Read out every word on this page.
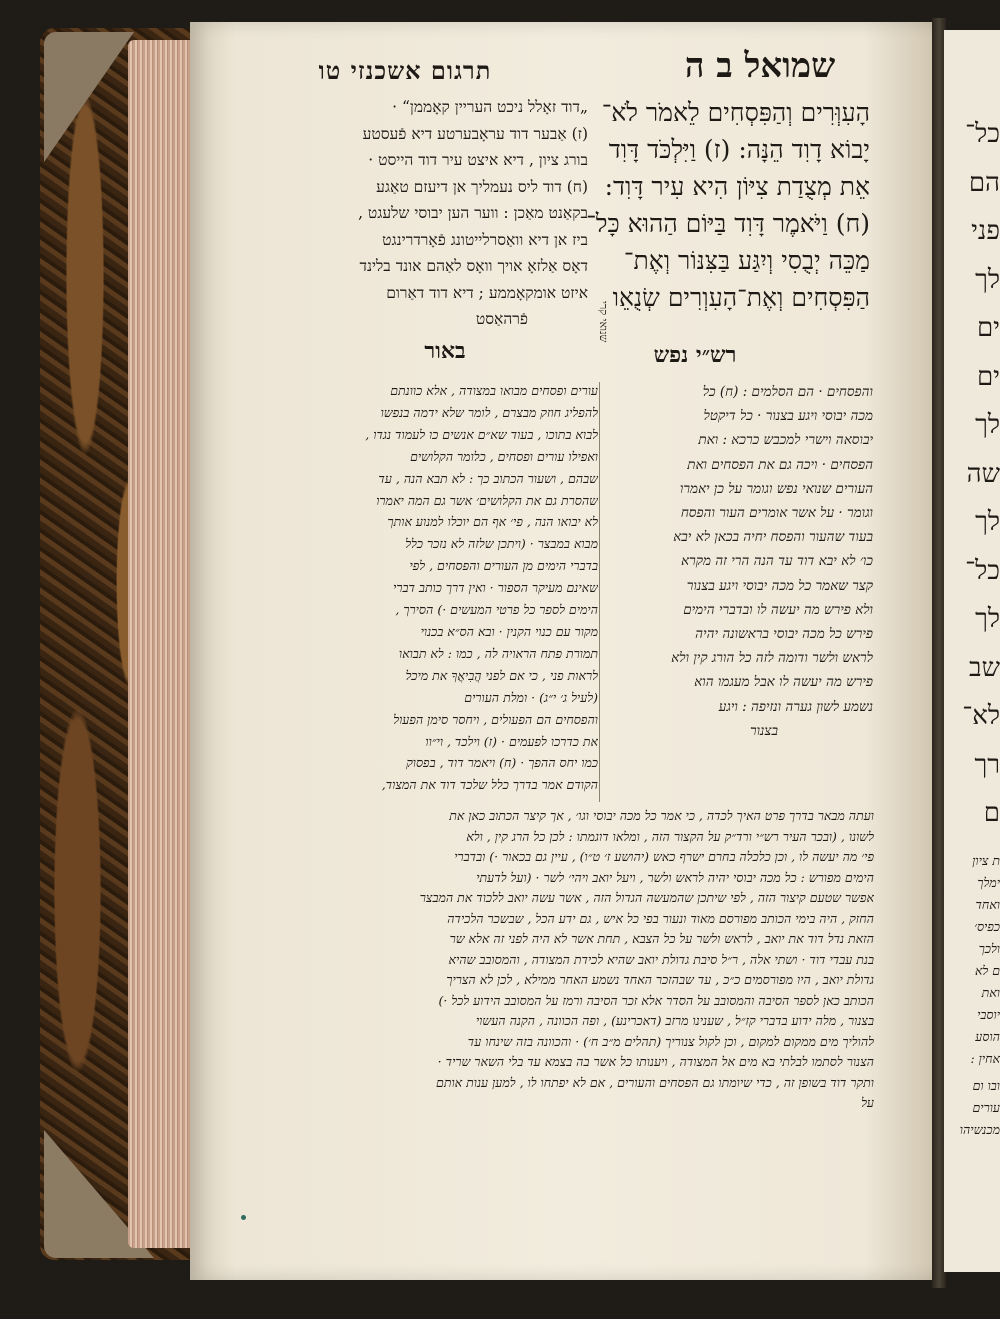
תרגום אשכנזי טו	שמואל ב ה

הָעִוְּרִים וְהַפִּסְחִים לֵאמֹר לֹא־

יָבוֹא דָוִד הֵנָּה: (ז) וַיִּלְכֹּד דָּוִד

אֵת מְצֻדַת צִיּוֹן הִיא עִיר דָּוִד:

(ח) וַיֹּאמֶר דָּוִד בַּיּוֹם הַהוּא כָּל־

מַכֵּה יְבֻסִי וְיִגַּע בַּצִּנּוֹר וְאֶת־

הַפִּסְחִים וְאֶת־הָעִוְרִים שְׂנֻאֵו

שנואי קרי

„דוד זאָלל ניכט העריין קאָממן“ ·

(ז) אַבער דוד עראָבערטע דיא פֿעסטע

בורג ציון , דיא איצט עיר דוד הייסט ·

(ח) דוד ליס נעמליך אן דיעזם טאַגע

בקאַנט מאַכן : ווער הען יבוסי שלעגט ,

ביז אן דיא וואַסרלייטונג פֿאָרדרינגט

דאָס אַלזאָ אויך וואָס לאַהם אונד בלינד

איזט אומקאָממע ; דיא דוד דאַרום

פֿרהאַסט

רש״י נפש
באור

עורים ופסחים מבואו במצודה , אלא כוונתם

להפליג חוזק מבצרם , לומר שלא ידמה בנפשו

לבוא בתוכו , בעוד שא״ם אנשים כו לעמוד נגדו ,

ואפילו עורים ופסחים , כלומר הקלושים

שבהם , ושעור הכתוב כך : לא תבא הנה , עד

שהסרת גם את הקלושים׳ אשר גם המה יאמרו

לא יבואו הנה , פי׳ אף הם יוכלו למנוע אותך

מבוא במבצר · (ויתכן שלזה לא נזכר כלל

בדברי הימים מן העורים והפסחים , לפי

שאינם מעיקר הספור · ואין דרך כותב דברי

הימים לספר כל פרטי המעשים ·) הסירך ,

מקור עם כנוי הקנין · ובא הס״א בכנוי

תמורת פתח הראויה לה , כמו : לא תבואו

לראות פני , כי אם לפני הֲבִיאֲךָ את מיכל

(לעיל ג׳ י״ג) · ומלת העורים

והפסחים הם הפעולים , ויחסר סימן הפעול

את כדרכו לפעמים · (ז) וילכד , וי״וו

כמו יחס ההפך · (ח) ויאמר דוד , בפסוק

הקודם אמר בדרך כלל שלכד דוד את המצוד,

והפסחים · הם הסלמים : (ח) כל

מכה יבוסי ויגע בצנור · כל דיקטל

יבוסאה וישרי למכבש כרכא : ואת

הפסחים · ויכה גם את הפסחים ואת

העורים שנואי נפש וגומר על כן יאמרו

וגומר · על אשר אומרים העור והפסח

בעוד שהעור והפסח יחיה בכאן לא יבא

כו׳ לא יבא דוד עד הנה הרי זה מקרא

קצר שאמר כל מכה יבוסי ויגע בצנור

ולא פירש מה יעשה לו ובדברי הימים

פירש כל מכה יבוסי בראשונה יהיה

לראש ולשר ודומה לזה כל הורג קין ולא

פירש מה יעשה לו אבל מעגמו הוא

נשמע לשון גערה ונזיפה : ויגע

בצנור

ועתה מבאר בדרך פרט האיך לכדה , כי אמר כל מכה יבוסי וגו׳ , אך קיצר הכתוב כאן את

לשונו , (ובכר העיר רש״י ורד״ק על הקצור הזה , ומלאו דוגמתו : לכן כל הרג קין , ולא

פי׳ מה יעשה לו , וכן כלכלה בחרם ישרף כאש (יהושע ז׳ ט״ו) , עיין גם בכאור ·) ובדברי

הימים מפורש : כל מכה יבוסי יהיה לראש ולשר , ויעל יואב ויהי׳ לשר · (ועל לדעתי

אפשר שטעם קיצור הזה , לפי שיתכן שהמעשה הגדול הזה , אשר עשה יואב ללכוד את המבצר

החזק , היה בימי הכותב מפורסם מאוד ונעור בפי כל איש , גם ידע הכל , שבשכר הלכידה

הזאת נדל דוד את יואב , לראש ולשר על כל הצבא , תחת אשר לא היה לפני זה אלא שר

בנת עבדי דוד · ושתי אלה , ר״ל סיבת גדולת יואב שהיא לכידת המצודה , והמסובב שהיא

גדולת יואב , היו מפורסמים כ״כ , עד שבהזכר האחד נשמע האחר ממילא , לכן לא הצריך

הכותב כאן לספר הסיבה והמסובב על הסדר אלא זכר הסיבה ורמז על המסובב הידוע לכל ·)

בצנור , מלה ידוע בדברי קז״ל , שענינו מרזב (דאכרינע) , ופה הכוונה , הקנה העשוי

להוליך מים ממקום למקום , וכן לקול צנוריך (תהלים מ״ב ח׳) · והכוונה בזה שינחו עד

הצנור לסתמו לבלתי בא מים אל המצודה , ויענותו כל אשר בה בצמא עד בלי השאר שריד ·

ותקר דוד בשופן זה , כדי שיומתו גם הפסחים והעורים , אם לא יפתחו לו , למען ענות אותם

על

כל־

הם

פני

לך

ים

ים

לך

שה

לך

כל־

לך

שב

לא־

רך

ם

ת ציון

ימלך

ואחד

כפיס׳

ולכך

ם לא

ואת

יוסבי

הוסע

אחין :

ובו ום

עורים

מכנשיהו
